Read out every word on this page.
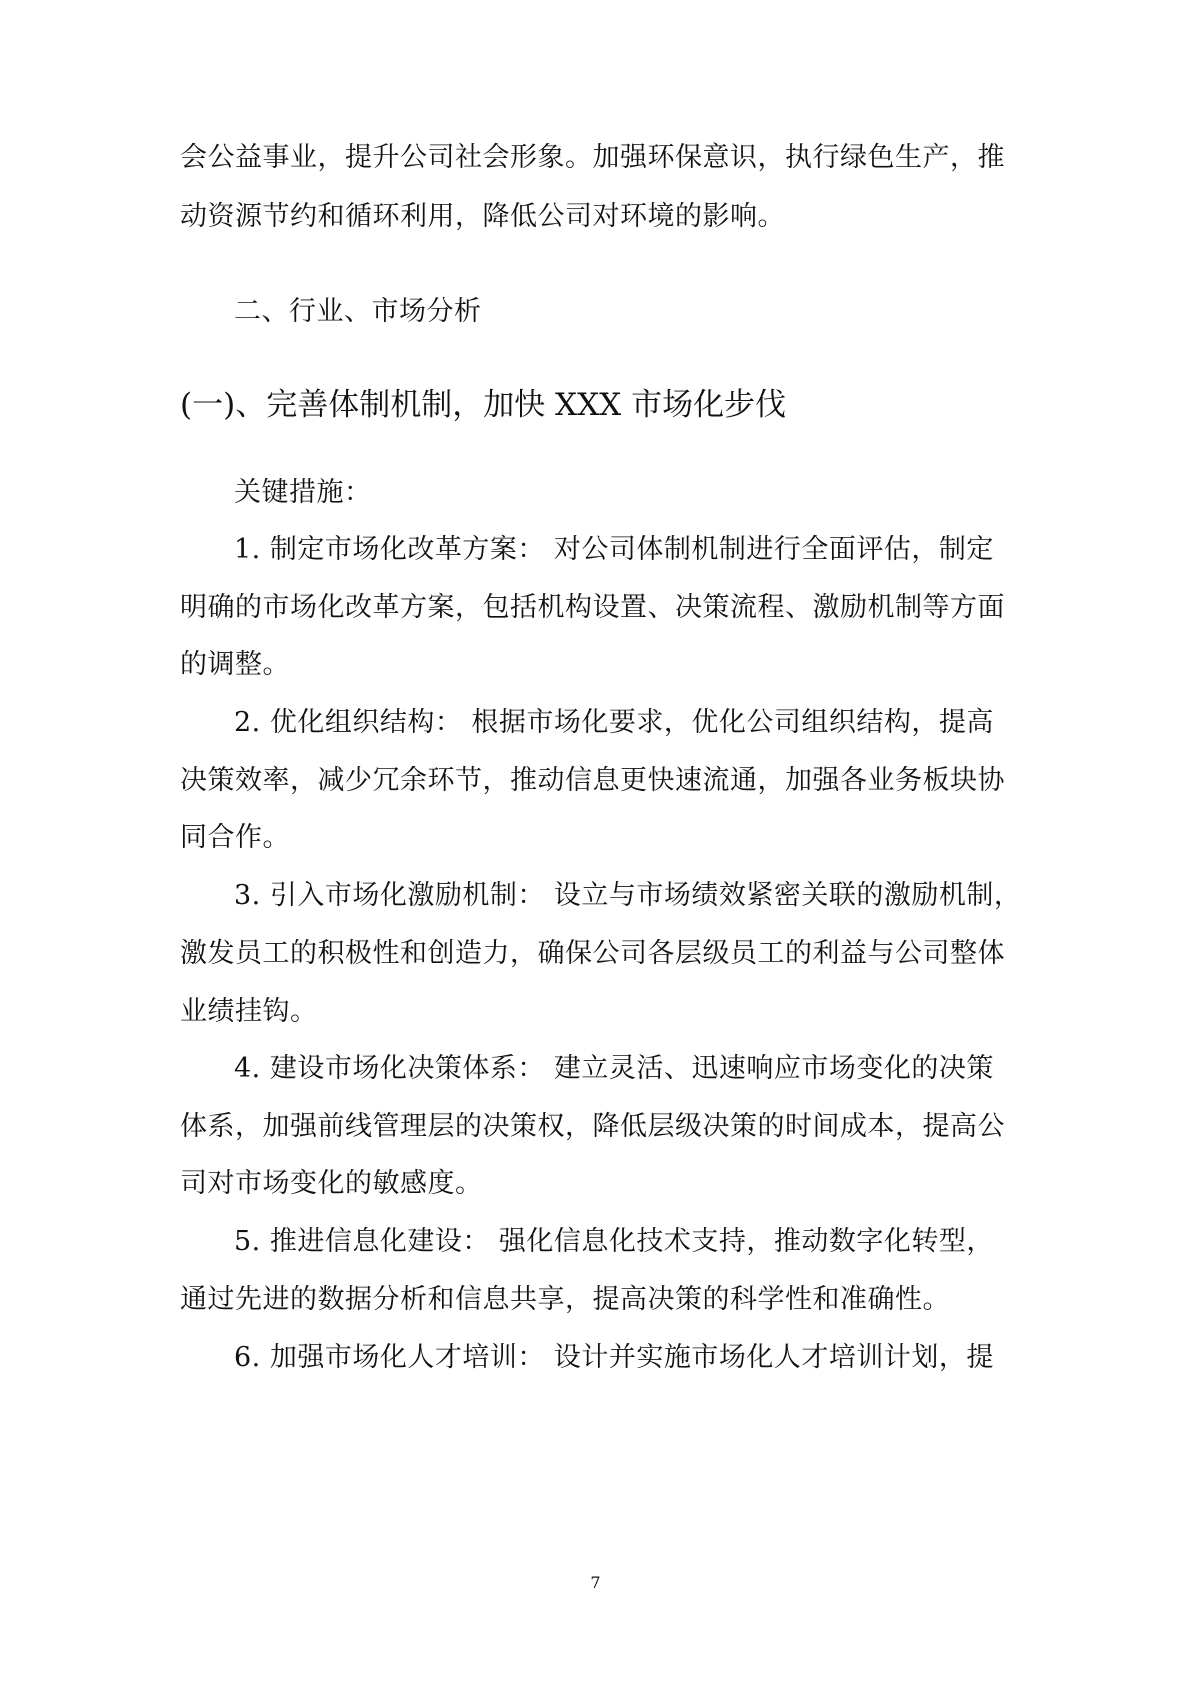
会公益事业，提升公司社会形象。加强环保意识，执行绿色生产，推
动资源节约和循环利用，降低公司对环境的影响。
二、行业、市场分析
(一)、完善体制机制，加快 XXX 市场化步伐
关键措施：
1. 制定市场化改革方案： 对公司体制机制进行全面评估，制定
明确的市场化改革方案，包括机构设置、决策流程、激励机制等方面
的调整。
2. 优化组织结构： 根据市场化要求，优化公司组织结构，提高
决策效率，减少冗余环节，推动信息更快速流通，加强各业务板块协
同合作。
3. 引入市场化激励机制： 设立与市场绩效紧密关联的激励机制，
激发员工的积极性和创造力，确保公司各层级员工的利益与公司整体
业绩挂钩。
4. 建设市场化决策体系： 建立灵活、迅速响应市场变化的决策
体系，加强前线管理层的决策权，降低层级决策的时间成本，提高公
司对市场变化的敏感度。
5. 推进信息化建设： 强化信息化技术支持，推动数字化转型，
通过先进的数据分析和信息共享，提高决策的科学性和准确性。
6. 加强市场化人才培训： 设计并实施市场化人才培训计划，提
7
